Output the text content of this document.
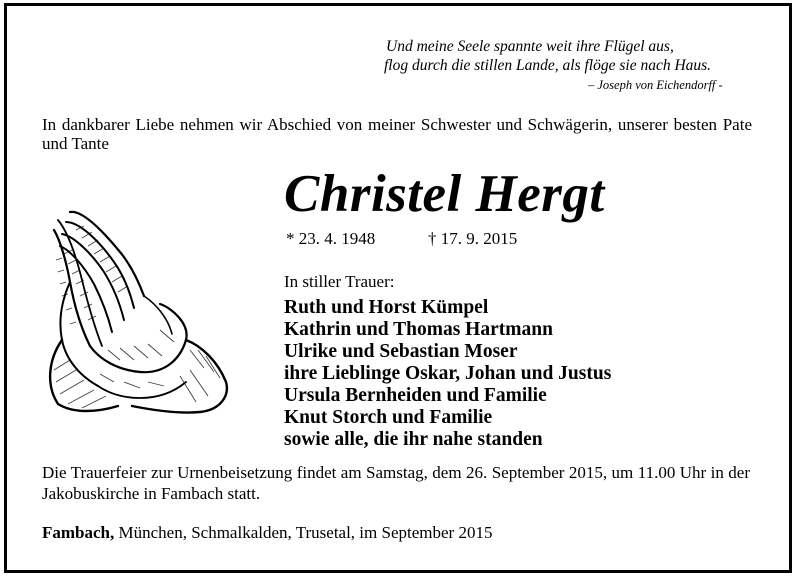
Und meine Seele spannte weit ihre Flügel aus,
flog durch die stillen Lande, als flöge sie nach Haus.
– Joseph von Eichendorff -
In dankbarer Liebe nehmen wir Abschied von meiner Schwester und Schwägerin, unserer besten Pate und Tante
Christel Hergt
* 23. 4. 1948	† 17. 9. 2015
In stiller Trauer:
Ruth und Horst Kümpel
Kathrin und Thomas Hartmann
Ulrike und Sebastian Moser
ihre Lieblinge Oskar, Johan und Justus
Ursula Bernheiden und Familie
Knut Storch und Familie
sowie alle, die ihr nahe standen
Die Trauerfeier zur Urnenbeisetzung findet am Samstag, dem 26. September 2015, um 11.00 Uhr in der Jakobuskirche in Fambach statt.
Fambach, München, Schmalkalden, Trusetal, im September 2015
